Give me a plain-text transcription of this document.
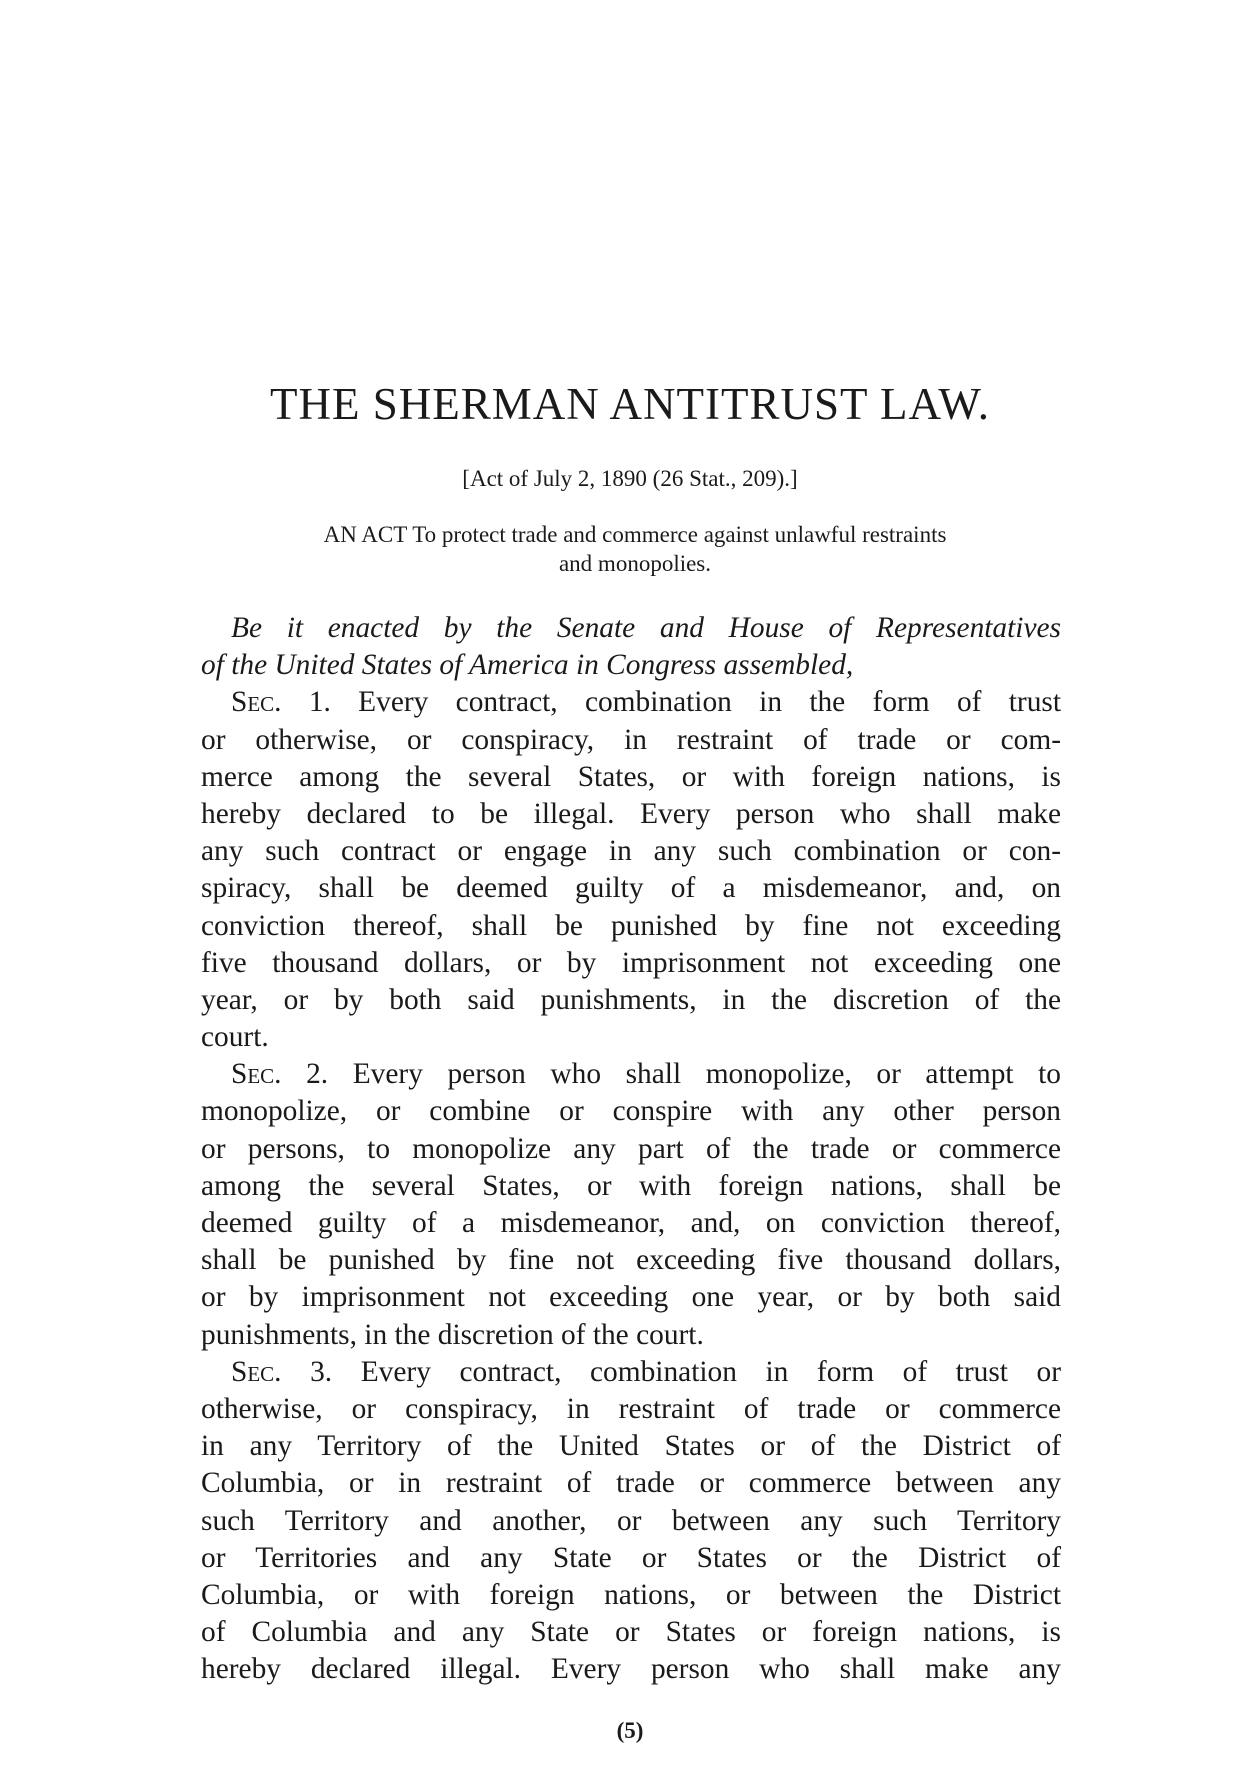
THE SHERMAN ANTITRUST LAW.
[Act of July 2, 1890 (26 Stat., 209).]
AN ACT To protect trade and commerce against unlawful restraints
and monopolies.
Be it enacted by the Senate and House of Representatives
of the United States of America in Congress assembled,
Sec. 1. Every contract, combination in the form of trust
or otherwise, or conspiracy, in restraint of trade or com-
merce among the several States, or with foreign nations, is
hereby declared to be illegal. Every person who shall make
any such contract or engage in any such combination or con-
spiracy, shall be deemed guilty of a misdemeanor, and, on
conviction thereof, shall be punished by fine not exceeding
five thousand dollars, or by imprisonment not exceeding one
year, or by both said punishments, in the discretion of the
court.
Sec. 2. Every person who shall monopolize, or attempt to
monopolize, or combine or conspire with any other person
or persons, to monopolize any part of the trade or commerce
among the several States, or with foreign nations, shall be
deemed guilty of a misdemeanor, and, on conviction thereof,
shall be punished by fine not exceeding five thousand dollars,
or by imprisonment not exceeding one year, or by both said
punishments, in the discretion of the court.
Sec. 3. Every contract, combination in form of trust or
otherwise, or conspiracy, in restraint of trade or commerce
in any Territory of the United States or of the District of
Columbia, or in restraint of trade or commerce between any
such Territory and another, or between any such Territory
or Territories and any State or States or the District of
Columbia, or with foreign nations, or between the District
of Columbia and any State or States or foreign nations, is
hereby declared illegal. Every person who shall make any
(5)
